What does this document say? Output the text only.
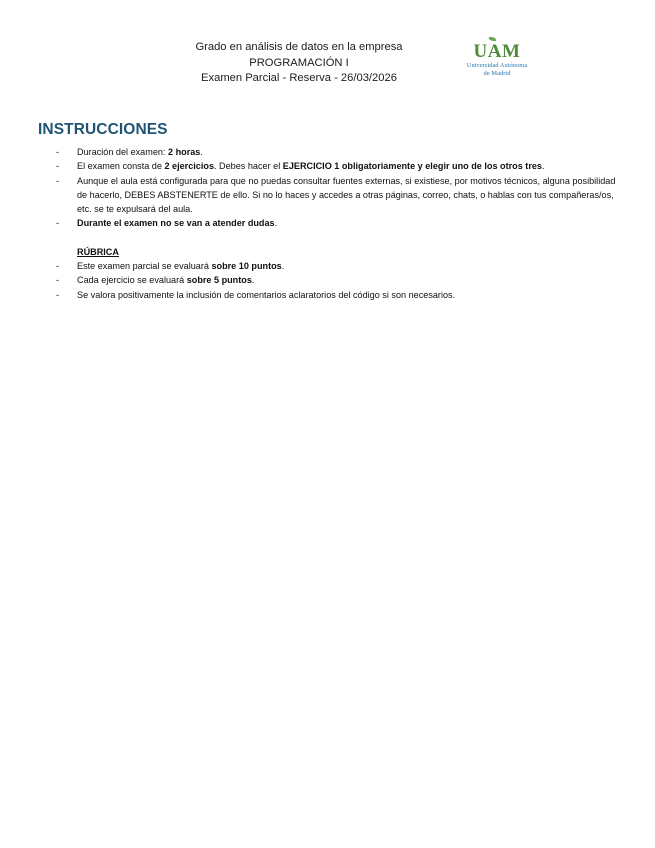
Grado en análisis de datos en la empresa
PROGRAMACIÓN I
Examen Parcial - Reserva - 26/03/2026
UAM
Universidad Autónoma
de Madrid
INSTRUCCIONES
- Duración del examen: 2 horas.
- El examen consta de 2 ejercicios. Debes hacer el EJERCICIO 1 obligatoriamente y elegir uno de los otros tres.
- Aunque el aula está configurada para que no puedas consultar fuentes externas, si existiese, por motivos técnicos, alguna posibilidad de hacerlo, DEBES ABSTENERTE de ello. Si no lo haces y accedes a otras páginas, correo, chats, o hablas con tus compañeras/os, etc. se te expulsará del aula.
- Durante el examen no se van a atender dudas.
RÚBRICA
- Este examen parcial se evaluará sobre 10 puntos.
- Cada ejercicio se evaluará sobre 5 puntos.
- Se valora positivamente la inclusión de comentarios aclaratorios del código si son necesarios.
